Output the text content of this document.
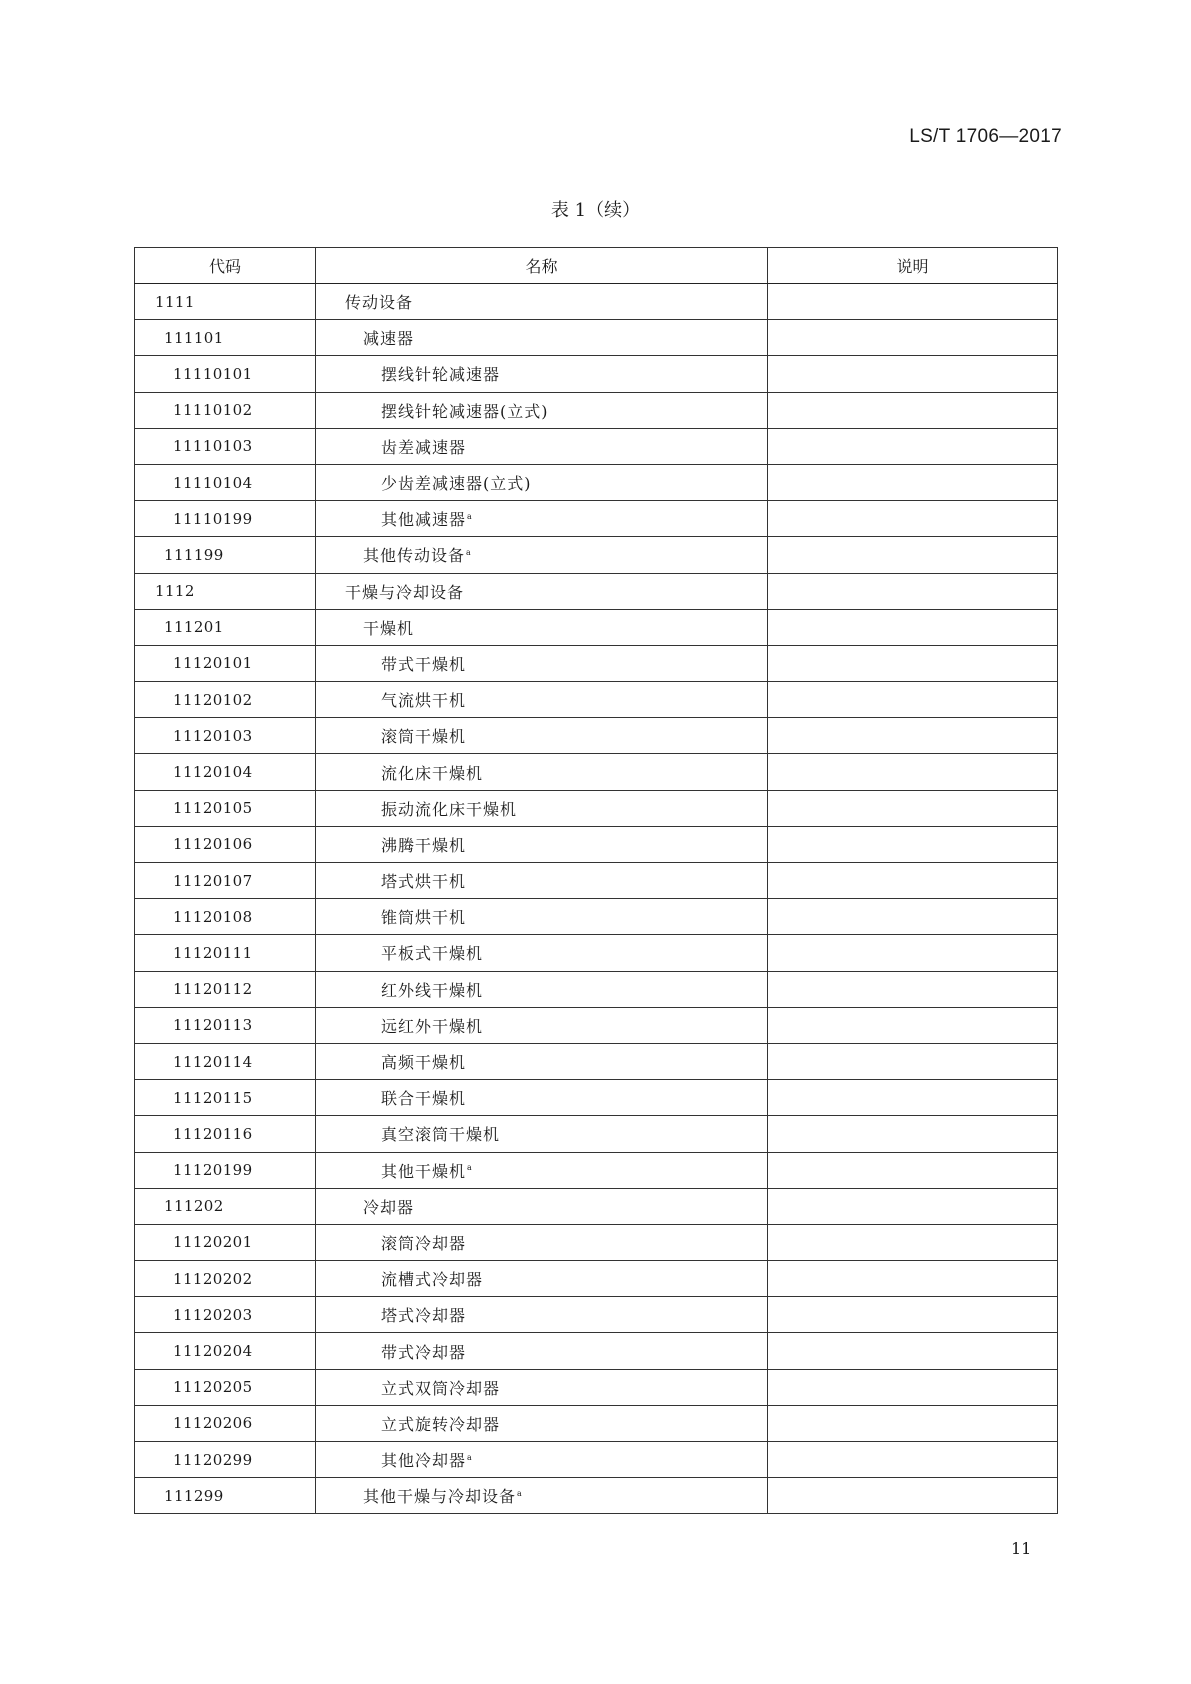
LS/T 1706—2017
表 1（续）
代码	名称	说明
1111	传动设备	
111101	减速器	
11110101	摆线针轮减速器	
11110102	摆线针轮减速器(立式)	
11110103	齿差减速器	
11110104	少齿差减速器(立式)	
11110199	其他减速器$^a$	
111199	其他传动设备$^a$	
1112	干燥与冷却设备	
111201	干燥机	
11120101	带式干燥机	
11120102	气流烘干机	
11120103	滚筒干燥机	
11120104	流化床干燥机	
11120105	振动流化床干燥机	
11120106	沸腾干燥机	
11120107	塔式烘干机	
11120108	锥筒烘干机	
11120111	平板式干燥机	
11120112	红外线干燥机	
11120113	远红外干燥机	
11120114	高频干燥机	
11120115	联合干燥机	
11120116	真空滚筒干燥机	
11120199	其他干燥机$^a$	
111202	冷却器	
11120201	滚筒冷却器	
11120202	流槽式冷却器	
11120203	塔式冷却器	
11120204	带式冷却器	
11120205	立式双筒冷却器	
11120206	立式旋转冷却器	
11120299	其他冷却器$^a$	
111299	其他干燥与冷却设备$^a$	
11
